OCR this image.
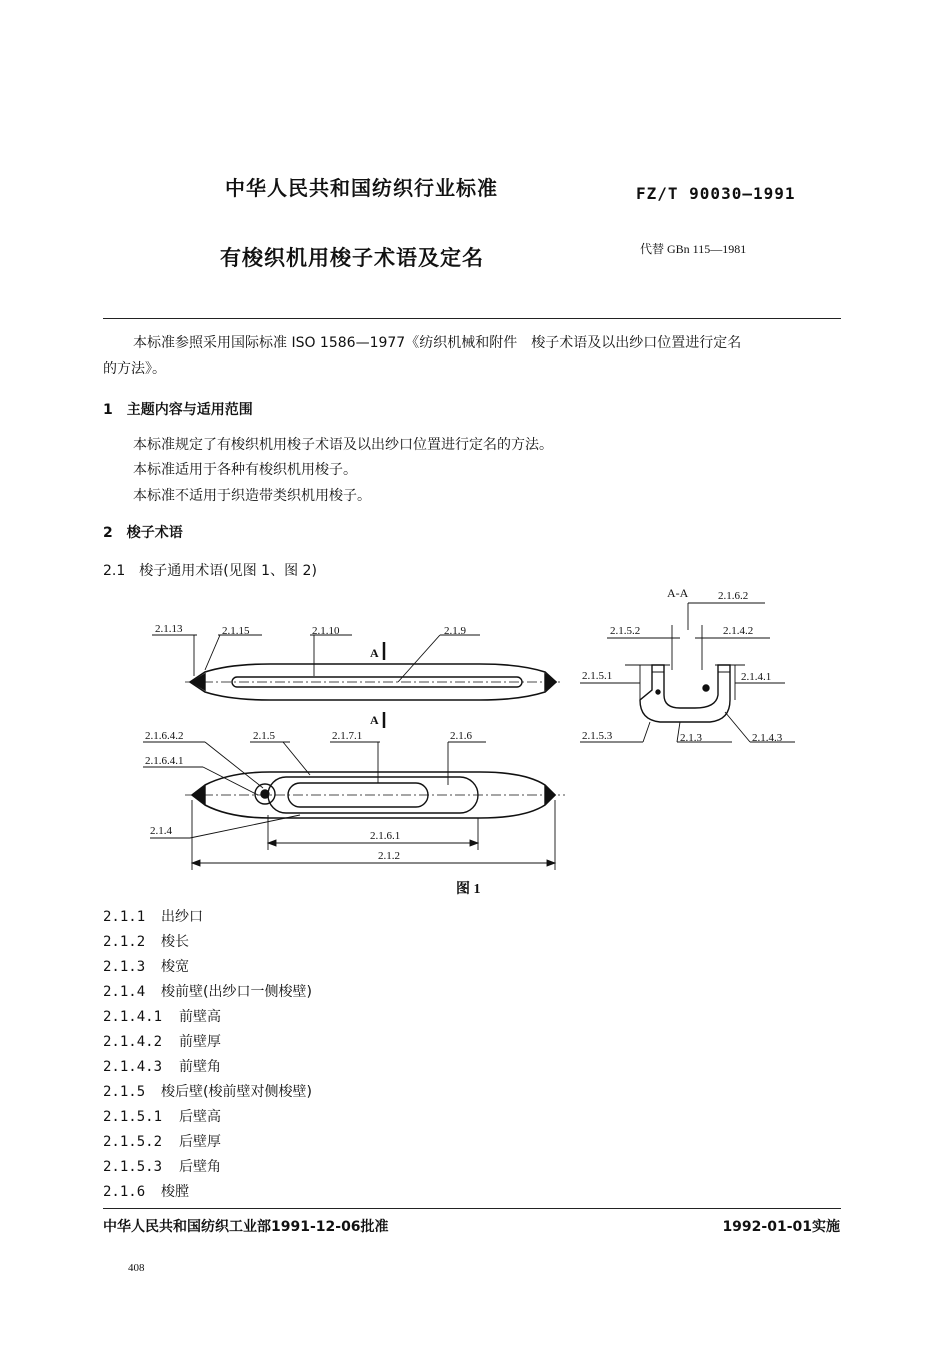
中华人民共和国纺织行业标准	FZ/T 90030—1991
有梭织机用梭子术语及定名	代替 GBn 115—1981
本标准参照采用国际标准 ISO 1586—1977《纺织机械和附件　梭子术语及以出纱口位置进行定名
的方法》。
1　主题内容与适用范围
本标准规定了有梭织机用梭子术语及以出纱口位置进行定名的方法。
本标准适用于各种有梭织机用梭子。
本标准不适用于织造带类织机用梭子。
2　梭子术语
2.1　梭子通用术语(见图 1、图 2)
2.1.13	2.1.15	2.1.10	2.1.9
A
A
2.1.6.4.2
2.1.6.4.1
2.1.5	2.1.7.1	2.1.6
2.1.4	2.1.6.1
2.1.2
A-A	2.1.6.2
2.1.5.2	2.1.4.2
2.1.5.1	2.1.4.1
2.1.5.3	2.1.3	2.1.4.3
图 1
2.1.1 出纱口
2.1.2 梭长
2.1.3 梭宽
2.1.4 梭前壁(出纱口一侧梭壁)
2.1.4.1 前壁高
2.1.4.2 前壁厚
2.1.4.3 前壁角
2.1.5 梭后壁(梭前壁对侧梭壁)
2.1.5.1 后壁高
2.1.5.2 后壁厚
2.1.5.3 后壁角
2.1.6 梭膛
中华人民共和国纺织工业部1991-12-06批准	1992-01-01实施
408
